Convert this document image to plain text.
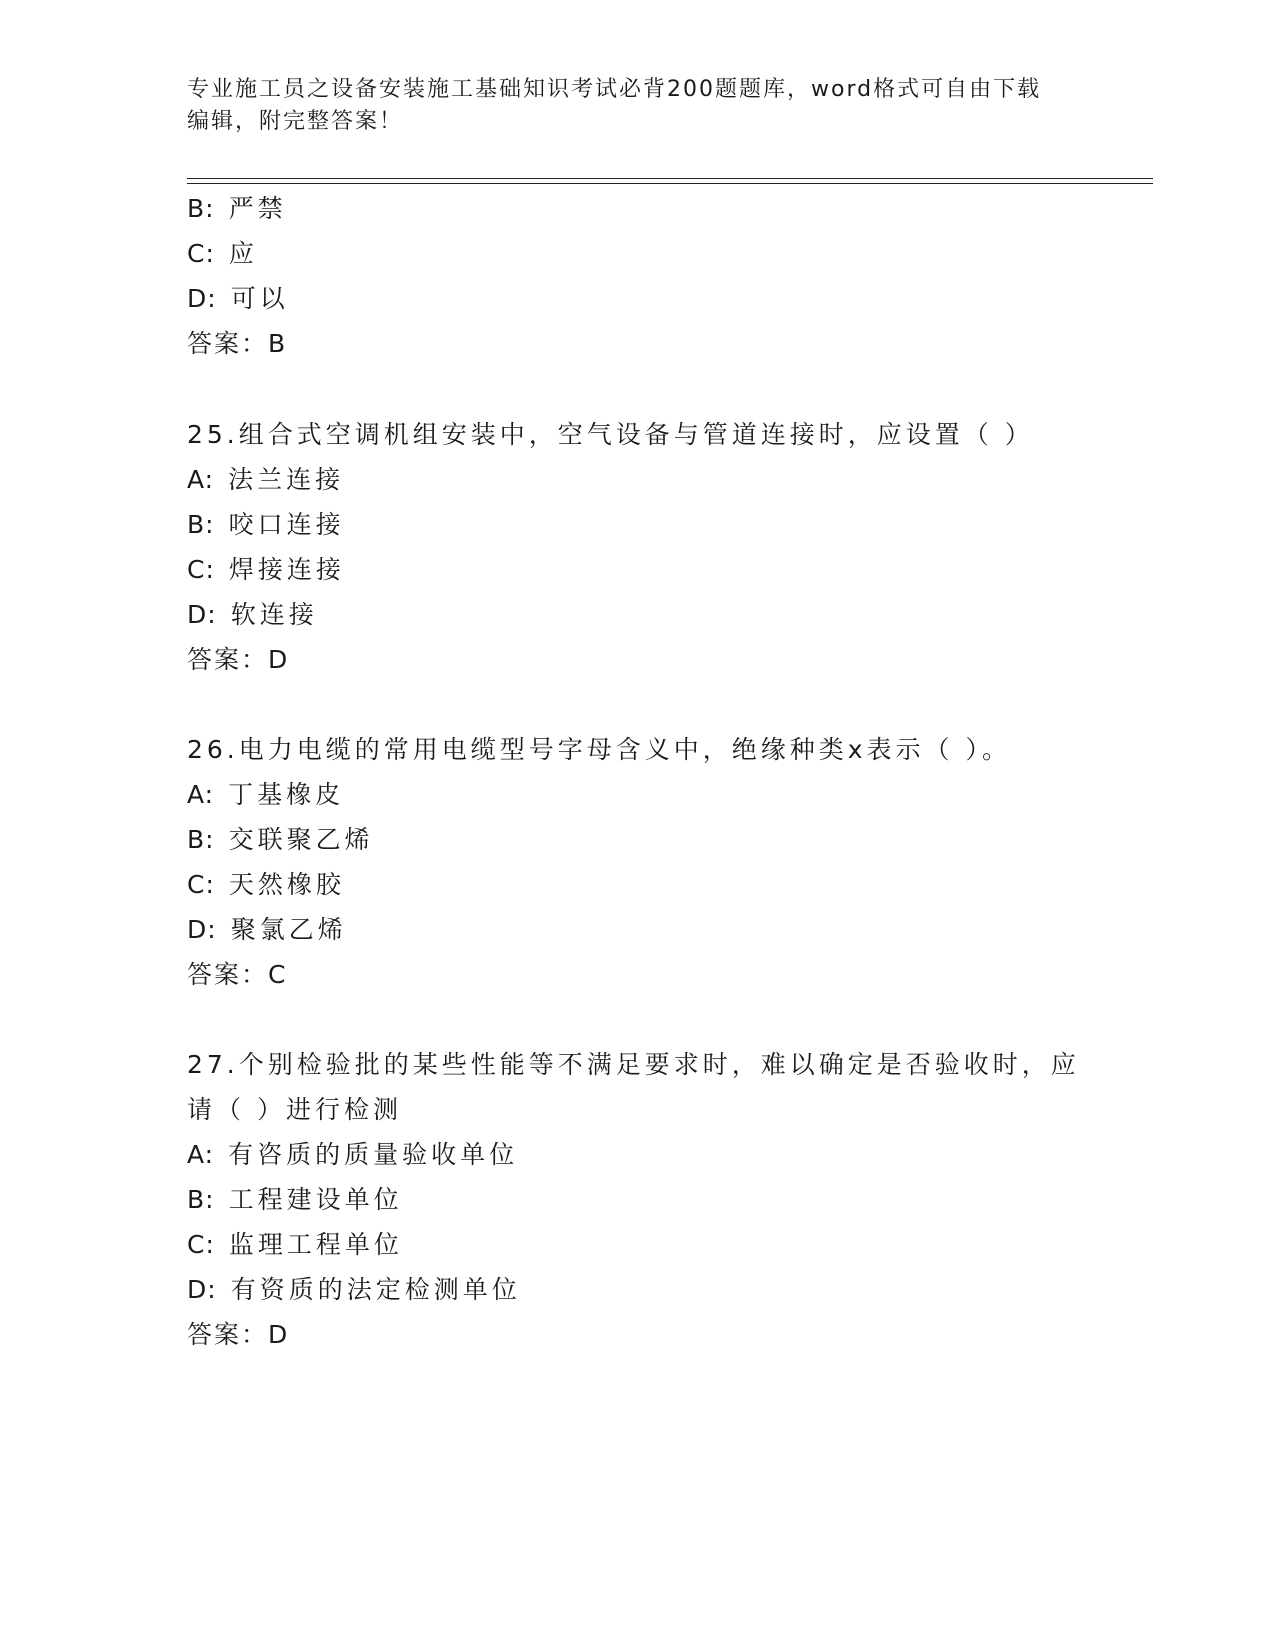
专业施工员之设备安装施工基础知识考试必背200题题库，word格式可自由下载
编辑，附完整答案！
B: 严禁
C: 应
D: 可以
答案：B
25.组合式空调机组安装中，空气设备与管道连接时，应设置（ ）
A: 法兰连接
B: 咬口连接
C: 焊接连接
D: 软连接
答案：D
26.电力电缆的常用电缆型号字母含义中，绝缘种类x表示（ ）。
A: 丁基橡皮
B: 交联聚乙烯
C: 天然橡胶
D: 聚氯乙烯
答案：C
27.个别检验批的某些性能等不满足要求时，难以确定是否验收时，应
请（ ）进行检测
A: 有咨质的质量验收单位
B: 工程建设单位
C: 监理工程单位
D: 有资质的法定检测单位
答案：D
